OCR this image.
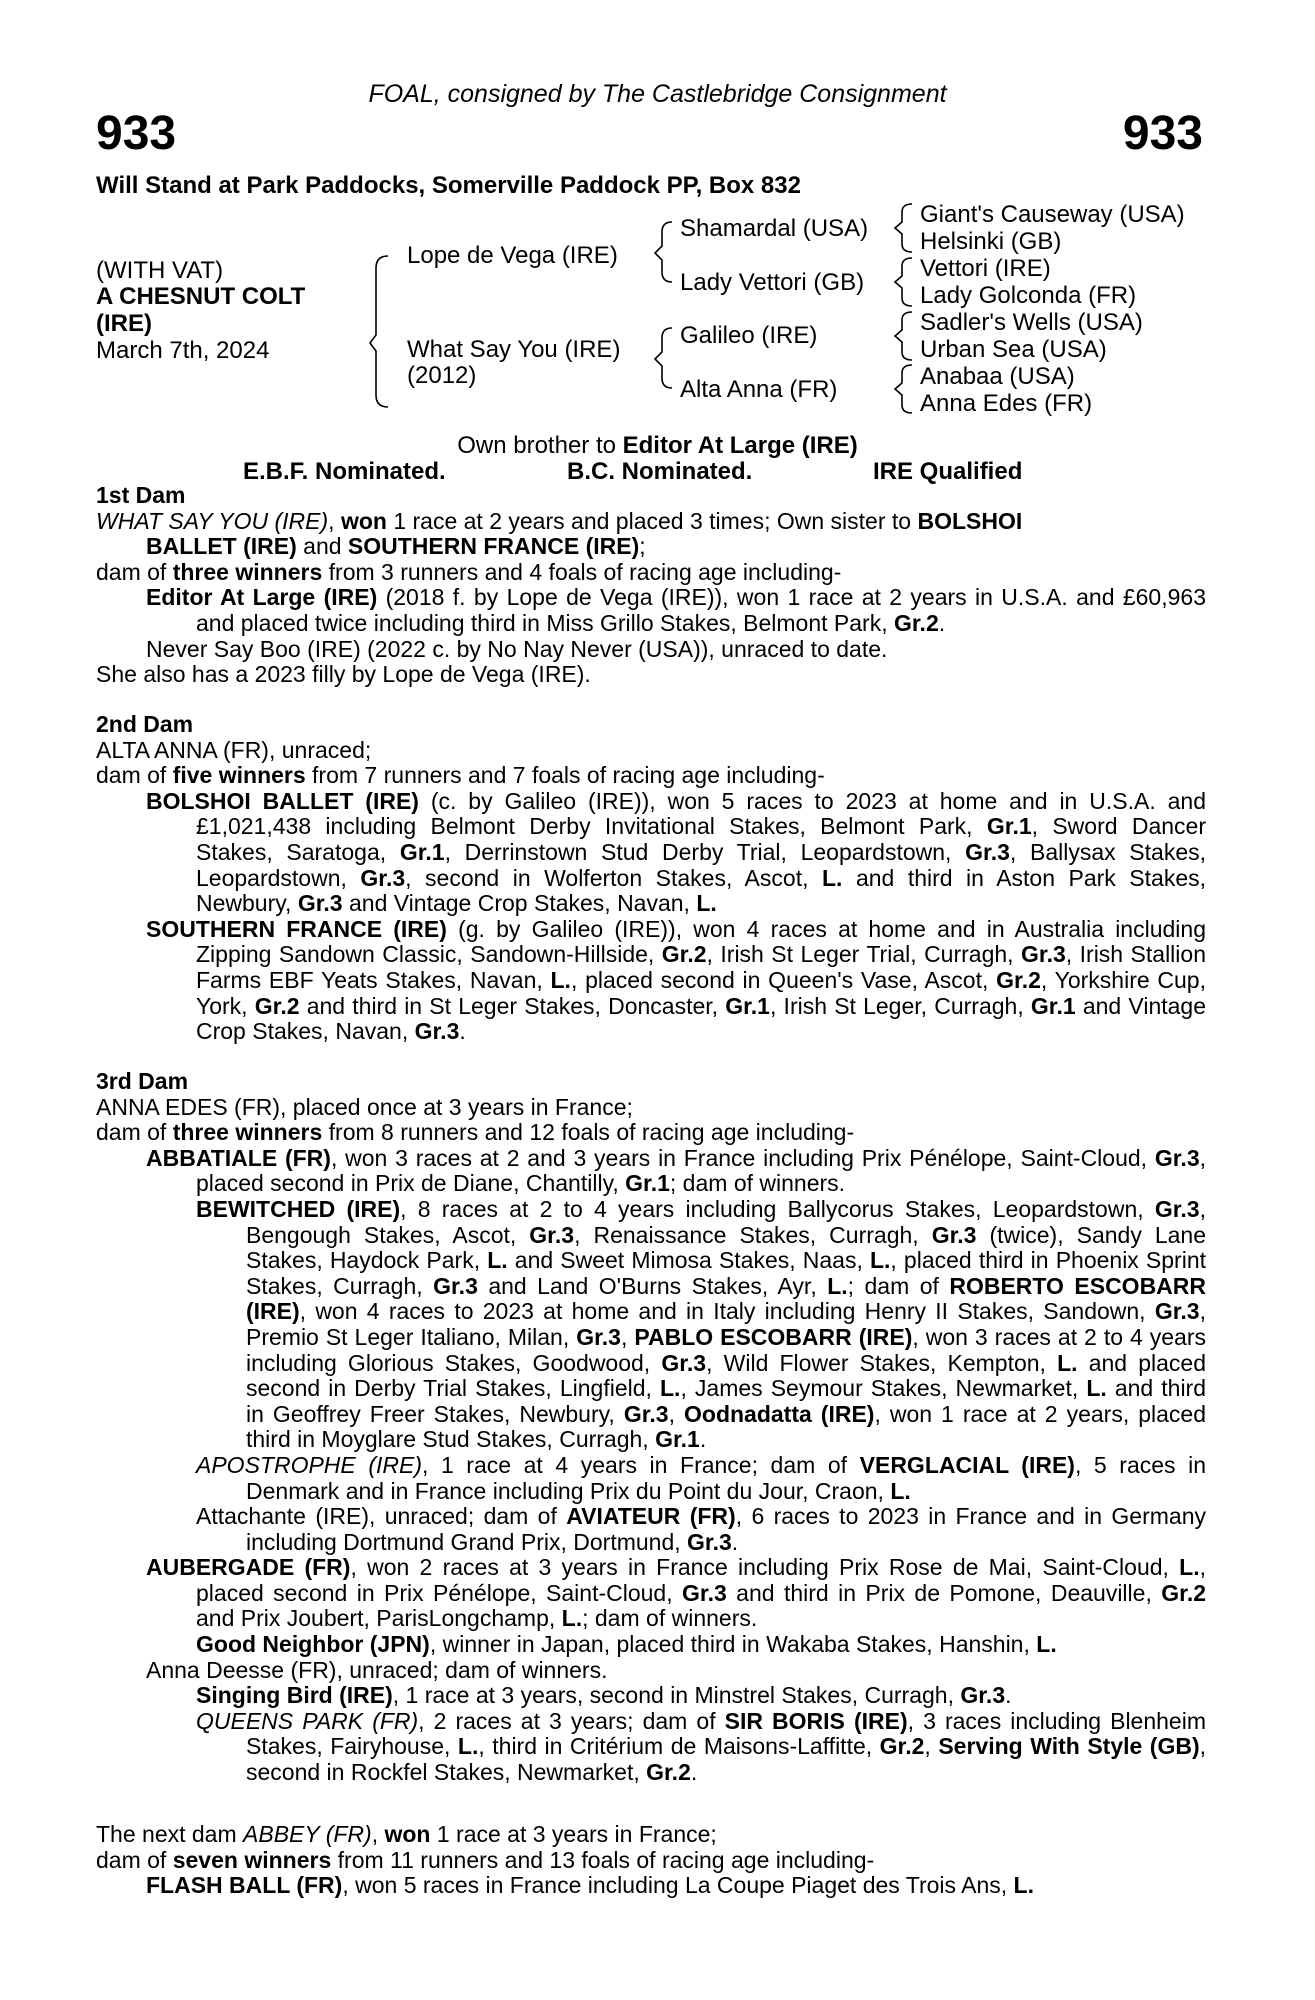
FOAL, consigned by The Castlebridge Consignment
933	933
Will Stand at Park Paddocks, Somerville Paddock PP, Box 832
(WITH VAT)
A CHESNUT COLT
(IRE)
March 7th, 2024
Lope de Vega (IRE)
What Say You (IRE)
(2012)
Shamardal (USA)
Lady Vettori (GB)
Galileo (IRE)
Alta Anna (FR)
Giant's Causeway (USA)
Helsinki (GB)
Vettori (IRE)
Lady Golconda (FR)
Sadler's Wells (USA)
Urban Sea (USA)
Anabaa (USA)
Anna Edes (FR)
Own brother to Editor At Large (IRE)
E.B.F. Nominated.	B.C. Nominated.	IRE Qualified

1st Dam

WHAT SAY YOU (IRE), won 1 race at 2 years and placed 3 times; Own sister to BOLSHOI

BALLET (IRE) and SOUTHERN FRANCE (IRE);

dam of three winners from 3 runners and 4 foals of racing age including-

Editor At Large (IRE) (2018 f. by Lope de Vega (IRE)), won 1 race at 2 years in U.S.A. and £60,963 and placed twice including third in Miss Grillo Stakes, Belmont Park, Gr.2.

Never Say Boo (IRE) (2022 c. by No Nay Never (USA)), unraced to date.

She also has a 2023 filly by Lope de Vega (IRE).

2nd Dam

ALTA ANNA (FR), unraced;

dam of five winners from 7 runners and 7 foals of racing age including-

BOLSHOI BALLET (IRE) (c. by Galileo (IRE)), won 5 races to 2023 at home and in U.S.A. and £1,021,438 including Belmont Derby Invitational Stakes, Belmont Park, Gr.1, Sword Dancer Stakes, Saratoga, Gr.1, Derrinstown Stud Derby Trial, Leopardstown, Gr.3, Ballysax Stakes, Leopardstown, Gr.3, second in Wolferton Stakes, Ascot, L. and third in Aston Park Stakes, Newbury, Gr.3 and Vintage Crop Stakes, Navan, L.

SOUTHERN FRANCE (IRE) (g. by Galileo (IRE)), won 4 races at home and in Australia including Zipping Sandown Classic, Sandown-Hillside, Gr.2, Irish St Leger Trial, Curragh, Gr.3, Irish Stallion Farms EBF Yeats Stakes, Navan, L., placed second in Queen's Vase, Ascot, Gr.2, Yorkshire Cup, York, Gr.2 and third in St Leger Stakes, Doncaster, Gr.1, Irish St Leger, Curragh, Gr.1 and Vintage Crop Stakes, Navan, Gr.3.

3rd Dam

ANNA EDES (FR), placed once at 3 years in France;

dam of three winners from 8 runners and 12 foals of racing age including-

ABBATIALE (FR), won 3 races at 2 and 3 years in France including Prix Pénélope, Saint-Cloud, Gr.3, placed second in Prix de Diane, Chantilly, Gr.1; dam of winners.

BEWITCHED (IRE), 8 races at 2 to 4 years including Ballycorus Stakes, Leopardstown, Gr.3, Bengough Stakes, Ascot, Gr.3, Renaissance Stakes, Curragh, Gr.3 (twice), Sandy Lane Stakes, Haydock Park, L. and Sweet Mimosa Stakes, Naas, L., placed third in Phoenix Sprint Stakes, Curragh, Gr.3 and Land O'Burns Stakes, Ayr, L.; dam of ROBERTO ESCOBARR (IRE), won 4 races to 2023 at home and in Italy including Henry II Stakes, Sandown, Gr.3, Premio St Leger Italiano, Milan, Gr.3, PABLO ESCOBARR (IRE), won 3 races at 2 to 4 years including Glorious Stakes, Goodwood, Gr.3, Wild Flower Stakes, Kempton, L. and placed second in Derby Trial Stakes, Lingfield, L., James Seymour Stakes, Newmarket, L. and third in Geoffrey Freer Stakes, Newbury, Gr.3, Oodnadatta (IRE), won 1 race at 2 years, placed third in Moyglare Stud Stakes, Curragh, Gr.1.

APOSTROPHE (IRE), 1 race at 4 years in France; dam of VERGLACIAL (IRE), 5 races in Denmark and in France including Prix du Point du Jour, Craon, L.

Attachante (IRE), unraced; dam of AVIATEUR (FR), 6 races to 2023 in France and in Germany including Dortmund Grand Prix, Dortmund, Gr.3.

AUBERGADE (FR), won 2 races at 3 years in France including Prix Rose de Mai, Saint-Cloud, L., placed second in Prix Pénélope, Saint-Cloud, Gr.3 and third in Prix de Pomone, Deauville, Gr.2 and Prix Joubert, ParisLongchamp, L.; dam of winners.

Good Neighbor (JPN), winner in Japan, placed third in Wakaba Stakes, Hanshin, L.

Anna Deesse (FR), unraced; dam of winners.

Singing Bird (IRE), 1 race at 3 years, second in Minstrel Stakes, Curragh, Gr.3.

QUEENS PARK (FR), 2 races at 3 years; dam of SIR BORIS (IRE), 3 races including Blenheim Stakes, Fairyhouse, L., third in Critérium de Maisons-Laffitte, Gr.2, Serving With Style (GB), second in Rockfel Stakes, Newmarket, Gr.2.

The next dam ABBEY (FR), won 1 race at 3 years in France;

dam of seven winners from 11 runners and 13 foals of racing age including-

FLASH BALL (FR), won 5 races in France including La Coupe Piaget des Trois Ans, L.
